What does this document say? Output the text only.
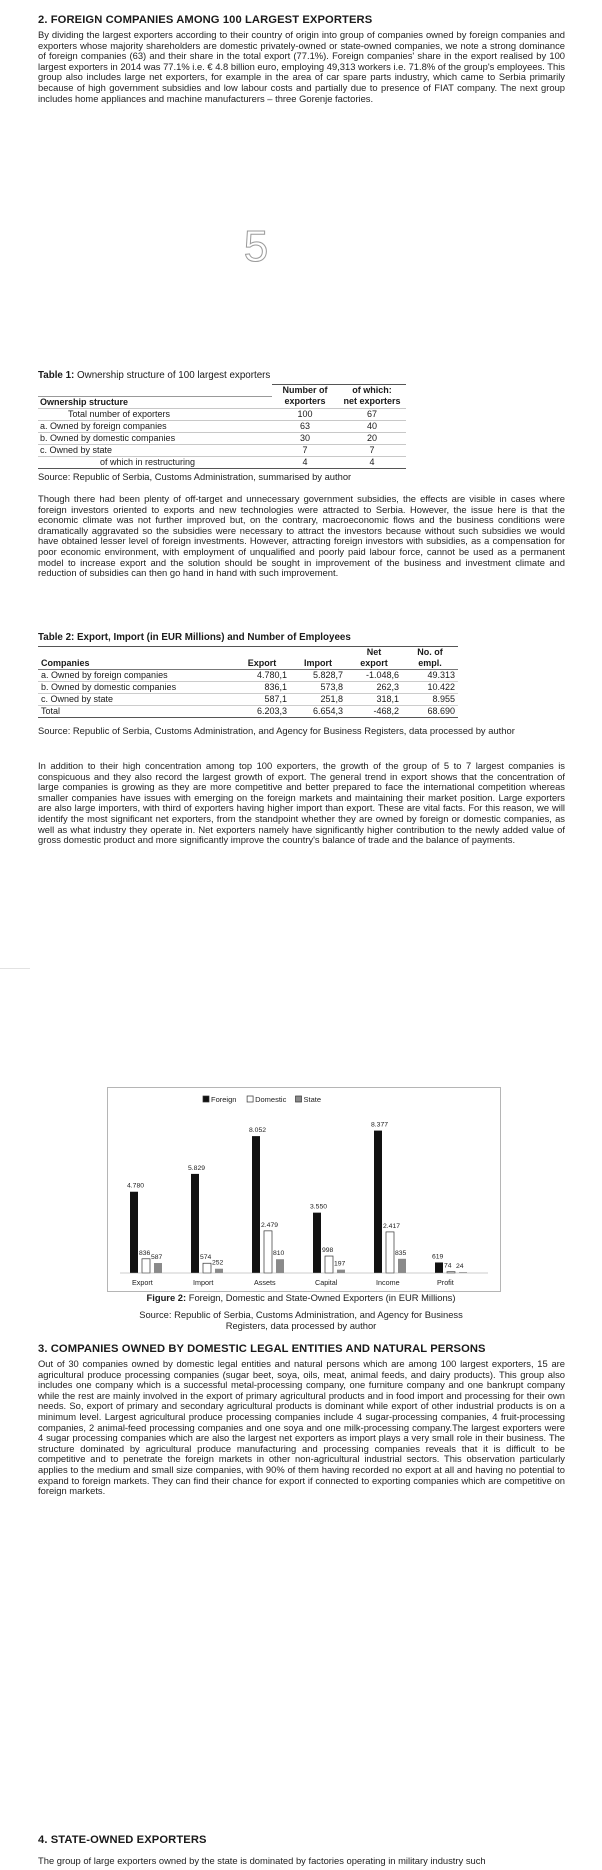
2. FOREIGN COMPANIES AMONG 100 LARGEST EXPORTERS

By dividing the largest exporters according to their country of origin into group of companies owned by foreign companies and exporters whose majority shareholders are domestic privately-owned or state-owned companies, we note a strong dominance of foreign companies (63) and their share in the total export (77.1%). Foreign companies' share in the export realised by 100 largest exporters in 2014 was 77.1% i.e. € 4.8 billion euro, employing 49,313 workers i.e. 71.8% of the group's employees. This group also includes large net exporters, for example in the area of car spare parts industry, which came to Serbia primarily because of high government subsidies and low labour costs and partially due to presence of FIAT company. The next group includes home appliances and machine manufacturers – three Gorenje factories.

5

Table 1: Ownership structure of 100 largest exporters

	Number of	of which:
Ownership structure	exporters	net exporters
Total number of exporters	100	67
a. Owned by foreign companies	63	40
b. Owned by domestic companies	30	20
c. Owned by state	7	7
of which in restructuring	4	4

Source: Republic of Serbia, Customs Administration, summarised by author

Though there had been plenty of off-target and unnecessary government subsidies, the effects are visible in cases where foreign investors oriented to exports and new technologies were attracted to Serbia. However, the issue here is that the economic climate was not further improved but, on the contrary, macroeconomic flows and the business conditions were dramatically aggravated so the subsidies were necessary to attract the investors because without such subsidies we would have obtained lesser level of foreign investments. However, attracting foreign investors with subsidies, as a compensation for poor economic environment, with employment of unqualified and poorly paid labour force, cannot be used as a permanent model to increase export and the solution should be sought in improvement of the business and investment climate and reduction of subsidies can then go hand in hand with such improvement.

Table 2: Export, Import (in EUR Millions) and Number of Employees

			Net	No. of
Companies	Export	Import	export	empl.
a. Owned by foreign companies	4.780,1	5.828,7	-1.048,6	49.313
b. Owned by domestic companies	836,1	573,8	262,3	10.422
c. Owned by state	587,1	251,8	318,1	8.955
Total	6.203,3	6.654,3	-468,2	68.690

Source: Republic of Serbia, Customs Administration, and Agency for Business Registers, data processed by author

In addition to their high concentration among top 100 exporters, the growth of the group of 5 to 7 largest companies is conspicuous and they also record the largest growth of export. The general trend in export shows that the concentration of large companies is growing as they are more competitive and better prepared to face the international competition whereas smaller companies have issues with emerging on the foreign markets and maintaining their market position. Large exporters are also large importers, with third of exporters having higher import than export. These are vital facts. For this reason, we will identify the most significant net exporters, from the standpoint whether they are owned by foreign or domestic companies, as well as what industry they operate in. Net exporters namely have significantly higher contribution to the newly added value of gross domestic product and more significantly improve the country's balance of trade and the balance of payments.

Foreign Domestic State
4.780
836
587
Export
5.829
574
252
Import
8.052
2.479
810
Assets
3.550
998
197
Capital
8.377
2.417
835
Income
619
74 24
Profit

Figure 2: Foreign, Domestic and State-Owned Exporters (in EUR Millions)

Source: Republic of Serbia, Customs Administration, and Agency for Business Registers, data processed by author

3. COMPANIES OWNED BY DOMESTIC LEGAL ENTITIES AND NATURAL PERSONS

Out of 30 companies owned by domestic legal entities and natural persons which are among 100 largest exporters, 15 are agricultural produce processing companies (sugar beet, soya, oils, meat, animal feeds, and dairy products). This group also includes one company which is a successful metal-processing company, one furniture company and one bankrupt company while the rest are mainly involved in the export of primary agricultural products and in food import and processing for their own needs. So, export of primary and secondary agricultural products is dominant while export of other industrial products is on a minimum level. Largest agricultural produce processing companies include 4 sugar-processing companies, 4 fruit-processing companies, 2 animal-feed processing companies and one soya and one milk-processing company.The largest exporters were 4 sugar processing companies which are also the largest net exporters as import plays a very small role in their business. The structure dominated by agricultural produce manufacturing and processing companies reveals that it is difficult to be competitive and to penetrate the foreign markets in other non-agricultural industrial sectors. This observation particularly applies to the medium and small size companies, with 90% of them having recorded no export at all and having no potential to expand to foreign markets. They can find their chance for export if connected to exporting companies which are competitive on foreign markets.

4. STATE-OWNED EXPORTERS

The group of large exporters owned by the state is dominated by factories operating in military industry such
